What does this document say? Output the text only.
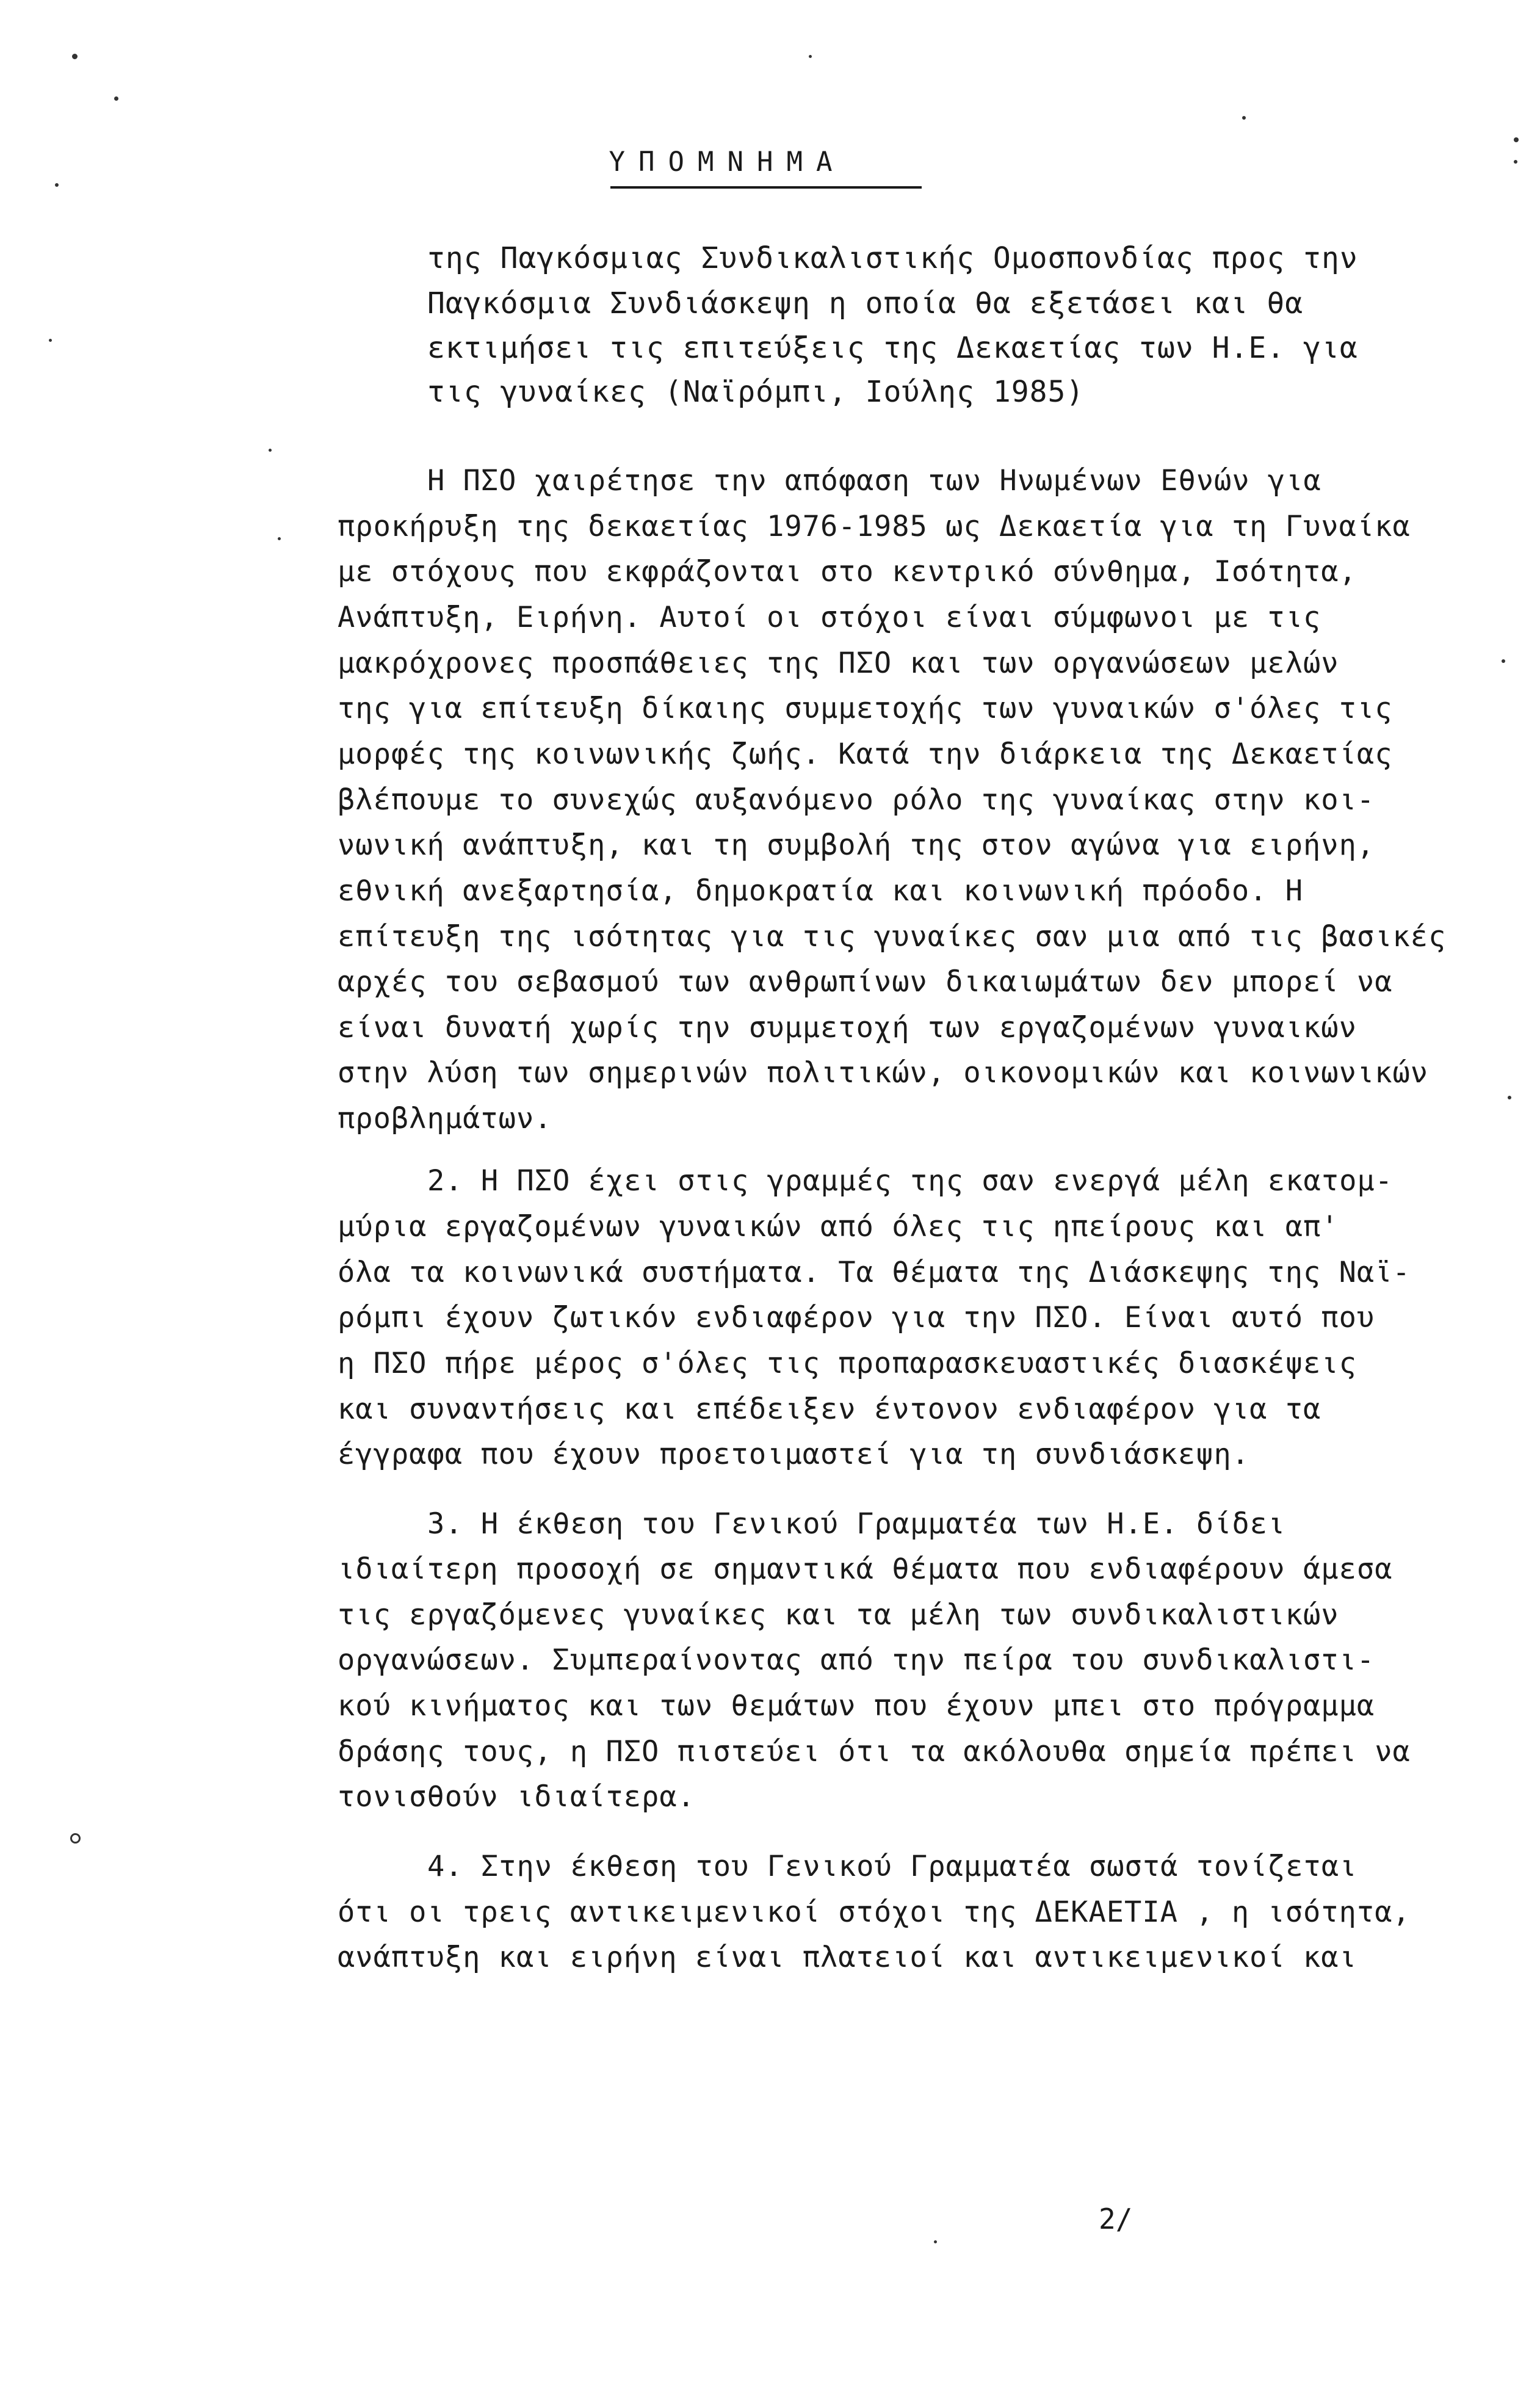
ΥΠΟΜΝΗΜΑ
της Παγκόσμιας Συνδικαλιστικής Ομοσπονδίας προς την
Παγκόσμια Συνδιάσκεψη η οποία θα εξετάσει και θα
εκτιμήσει τις επιτεύξεις της Δεκαετίας των Η.Ε. για
τις γυναίκες (Ναϊρόμπι, Ιούλης 1985)
Η ΠΣΟ χαιρέτησε την απόφαση των Ηνωμένων Εθνών για
προκήρυξη της δεκαετίας 1976-1985 ως Δεκαετία για τη Γυναίκα
με στόχους που εκφράζονται στο κεντρικό σύνθημα, Ισότητα,
Ανάπτυξη, Ειρήνη. Αυτοί οι στόχοι είναι σύμφωνοι με τις
μακρόχρονες προσπάθειες της ΠΣΟ και των οργανώσεων μελών
της για επίτευξη δίκαιης συμμετοχής των γυναικών σ'όλες τις
μορφές της κοινωνικής ζωής. Κατά την διάρκεια της Δεκαετίας
βλέπουμε το συνεχώς αυξανόμενο ρόλο της γυναίκας στην κοι-
νωνική ανάπτυξη, και τη συμβολή της στον αγώνα για ειρήνη,
εθνική ανεξαρτησία, δημοκρατία και κοινωνική πρόοδο. Η
επίτευξη της ισότητας για τις γυναίκες σαν μια από τις βασικές
αρχές του σεβασμού των ανθρωπίνων δικαιωμάτων δεν μπορεί να
είναι δυνατή χωρίς την συμμετοχή των εργαζομένων γυναικών
στην λύση των σημερινών πολιτικών, οικονομικών και κοινωνικών
προβλημάτων.
2. Η ΠΣΟ έχει στις γραμμές της σαν ενεργά μέλη εκατομ-
μύρια εργαζομένων γυναικών από όλες τις ηπείρους και απ'
όλα τα κοινωνικά συστήματα. Τα θέματα της Διάσκεψης της Ναϊ-
ρόμπι έχουν ζωτικόν ενδιαφέρον για την ΠΣΟ. Είναι αυτό που
η ΠΣΟ πήρε μέρος σ'όλες τις προπαρασκευαστικές διασκέψεις
και συναντήσεις και επέδειξεν έντονον ενδιαφέρον για τα
έγγραφα που έχουν προετοιμαστεί για τη συνδιάσκεψη.
3. Η έκθεση του Γενικού Γραμματέα των Η.Ε. δίδει
ιδιαίτερη προσοχή σε σημαντικά θέματα που ενδιαφέρουν άμεσα
τις εργαζόμενες γυναίκες και τα μέλη των συνδικαλιστικών
οργανώσεων. Συμπεραίνοντας από την πείρα του συνδικαλιστι-
κού κινήματος και των θεμάτων που έχουν μπει στο πρόγραμμα
δράσης τους, η ΠΣΟ πιστεύει ότι τα ακόλουθα σημεία πρέπει να
τονισθούν ιδιαίτερα.
4. Στην έκθεση του Γενικού Γραμματέα σωστά τονίζεται
ότι οι τρεις αντικειμενικοί στόχοι της ΔΕΚΑΕΤΙΑ , η ισότητα,
ανάπτυξη και ειρήνη είναι πλατειοί και αντικειμενικοί και
2/
